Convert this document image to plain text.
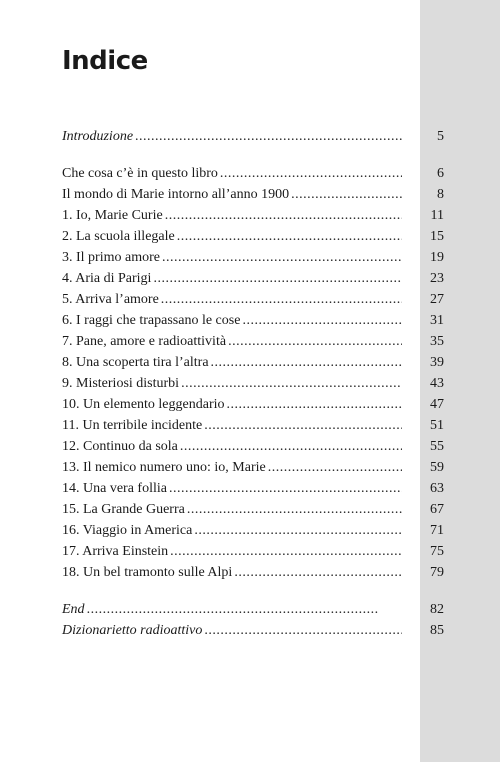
Indice
Introduzione . . .	5
Che cosa c’è in questo libro . . .	6
Il mondo di Marie intorno all’anno 1900 . . .	8
1. Io, Marie Curie . . .	11
2. La scuola illegale . . .	15
3. Il primo amore . . .	19
4. Aria di Parigi . . .	23
5. Arriva l’amore . . .	27
6. I raggi che trapassano le cose . . .	31
7. Pane, amore e radioattività . . .	35
8. Una scoperta tira l’altra . . .	39
9. Misteriosi disturbi . . .	43
10. Un elemento leggendario . . .	47
11. Un terribile incidente . . .	51
12. Continuo da sola . . .	55
13. Il nemico numero uno: io, Marie . . .	59
14. Una vera follia . . .	63
15. La Grande Guerra . . .	67
16. Viaggio in America . . .	71
17. Arriva Einstein . . .	75
18. Un bel tramonto sulle Alpi . . .	79
End . . .	82
Dizionarietto radioattivo . . .	85
